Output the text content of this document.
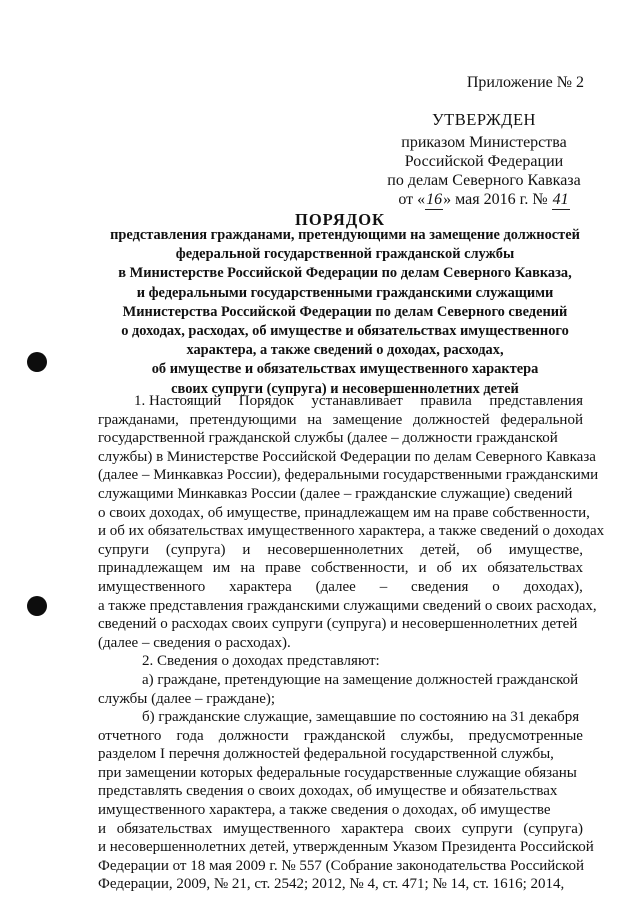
Приложение № 2
УТВЕРЖДЕН
приказом Министерства
Российской Федерации
по делам Северного Кавказа
от «16» мая 2016 г. № 41
ПОРЯДОК
представления гражданами, претендующими на замещение должностей
федеральной государственной гражданской службы
в Министерстве Российской Федерации по делам Северного Кавказа,
и федеральными государственными гражданскими служащими
Министерства Российской Федерации по делам Северного сведений
о доходах, расходах, об имуществе и обязательствах имущественного
характера, а также сведений о доходах, расходах,
об имуществе и обязательствах имущественного характера
своих супруги (супруга) и несовершеннолетних детей
1. Настоящий Порядок устанавливает правила представления
гражданами, претендующими на замещение должностей федеральной
государственной гражданской службы (далее – должности гражданской
службы) в Министерстве Российской Федерации по делам Северного Кавказа
(далее – Минкавказ России), федеральными государственными гражданскими
служащими Минкавказ России (далее – гражданские служащие) сведений
о своих доходах, об имуществе, принадлежащем им на праве собственности,
и об их обязательствах имущественного характера, а также сведений о доходах
супруги (супруга) и несовершеннолетних детей, об имуществе,
принадлежащем им на праве собственности, и об их обязательствах
имущественного характера (далее – сведения о доходах),
а также представления гражданскими служащими сведений о своих расходах,
сведений о расходах своих супруги (супруга) и несовершеннолетних детей
(далее – сведения о расходах).
2. Сведения о доходах представляют:
а) граждане, претендующие на замещение должностей гражданской
службы (далее – граждане);
б) гражданские служащие, замещавшие по состоянию на 31 декабря
отчетного года должности гражданской службы, предусмотренные
разделом I перечня должностей федеральной государственной службы,
при замещении которых федеральные государственные служащие обязаны
представлять сведения о своих доходах, об имуществе и обязательствах
имущественного характера, а также сведения о доходах, об имуществе
и обязательствах имущественного характера своих супруги (супруга)
и несовершеннолетних детей, утвержденным Указом Президента Российской
Федерации от 18 мая 2009 г. № 557 (Собрание законодательства Российской
Федерации, 2009, № 21, ст. 2542; 2012, № 4, ст. 471; № 14, ст. 1616; 2014,
